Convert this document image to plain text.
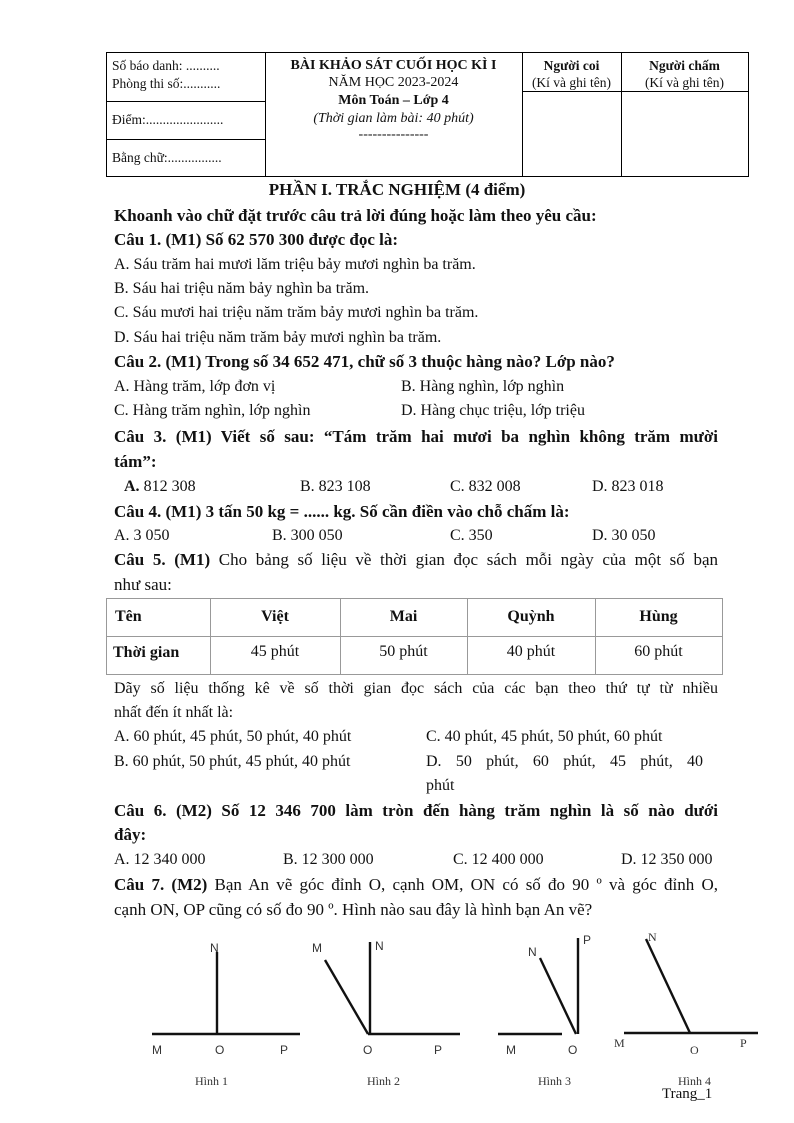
Số báo danh: ..........
Phòng thi số:...........
Điểm:.......................
Bằng chữ:................
BÀI KHẢO SÁT CUỐI HỌC KÌ I
NĂM HỌC 2023-2024
Môn Toán – Lớp 4
(Thời gian làm bài: 40 phút)
---------------
Người coi
(Kí và ghi tên)
Người chấm
(Kí và ghi tên)
PHẦN I. TRẮC NGHIỆM (4 điểm)
Khoanh vào chữ đặt trước câu trả lời đúng hoặc làm theo yêu cầu:
Câu 1. (M1) Số 62 570 300 được đọc là:
A. Sáu trăm hai mươi lăm triệu bảy mươi nghìn ba trăm.
B. Sáu hai triệu năm bảy nghìn ba trăm.
C. Sáu mươi hai triệu năm trăm bảy mươi nghìn ba trăm.
D. Sáu hai triệu năm trăm bảy mươi nghìn ba trăm.
Câu 2. (M1) Trong số 34 652 471, chữ số 3 thuộc hàng nào? Lớp nào?
A. Hàng trăm, lớp đơn vị	B. Hàng nghìn, lớp nghìn
C. Hàng trăm nghìn, lớp nghìn	D. Hàng chục triệu, lớp triệu
Câu 3. (M1) Viết số sau: “Tám trăm hai mươi ba nghìn không trăm mười
tám”:
A. 812 308	B. 823 108	C. 832 008	D. 823 018
Câu 4. (M1) 3 tấn 50 kg = ...... kg. Số cần điền vào chỗ chấm là:
A. 3 050	B. 300 050	C. 350	D. 30 050
Câu 5. (M1) Cho bảng số liệu về thời gian đọc sách mỗi ngày của một số bạn
như sau:
Tên	Việt	Mai	Quỳnh	Hùng
Thời gian	45 phút	50 phút	40 phút	60 phút
Dãy số liệu thống kê về số thời gian đọc sách của các bạn theo thứ tự từ nhiều
nhất đến ít nhất là:
A. 60 phút, 45 phút, 50 phút, 40 phút	C. 40 phút, 45 phút, 50 phút, 60 phút
B. 60 phút, 50 phút, 45 phút, 40 phút	D. 50 phút, 60 phút, 45 phút, 40
phút
Câu 6. (M2) Số 12 346 700 làm tròn đến hàng trăm nghìn là số nào dưới
đây:
A. 12 340 000	B. 12 300 000	C. 12 400 000	D. 12 350 000
Câu 7. (M2) Bạn An vẽ góc đỉnh O, cạnh OM, ON có số đo 90 º và góc đỉnh O,
cạnh ON, OP cũng có số đo 90 º. Hình nào sau đây là hình bạn An vẽ?
N
M	O	P
Hình 1
M	N
O	P
Hình 2
N
P
M	O
Hình 3
N
M	O	P
Hình 4
Trang_1
